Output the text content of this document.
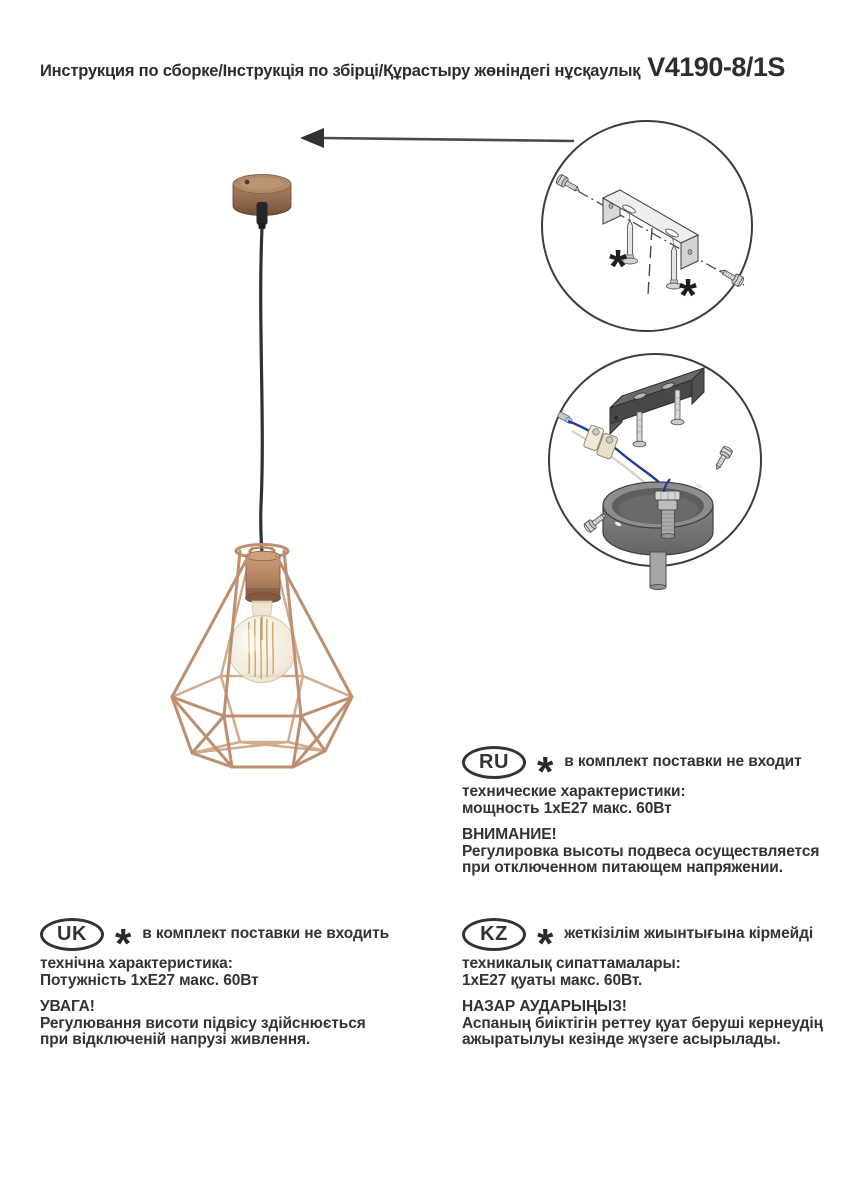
*
*
Инструкция по сборке/Інструкція по збірці/Құрастыру жөніндегі нұсқаулық V4190-8/1S
RU * в комплект поставки не входит
технические характеристики:
мощность 1хЕ27 макс. 60Вт
ВНИМАНИЕ!
Регулировка высоты подвеса осуществляется
при отключенном питающем напряжении.
UK * в комплект поставки не входить
технічна характеристика:
Потужність 1хЕ27 макс. 60Вт
УВАГА!
Регулювання висоти підвісу здійснюється
при відключеній напрузі живлення.
KZ * жеткізілім жиынтығына кірмейді
техникалық сипаттамалары:
1хЕ27 қуаты макс. 60Вт.
НАЗАР АУДАРЫҢЫЗ!
Аспаның биіктігін реттеу қуат беруші кернеудің
ажыратылуы кезінде жүзеге асырылады.
